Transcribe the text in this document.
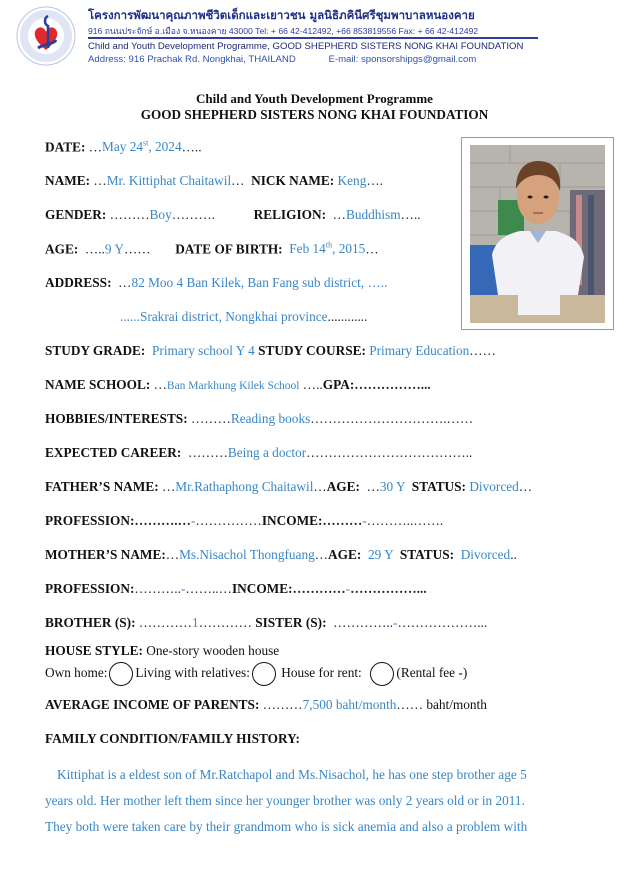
โครงการพัฒนาคุณภาพชีวิตเด็กและเยาวชน มูลนิธิภคินีศรีชุมพาบาลหนองคาย
916 ถนนประจักษ์ อ.เมือง จ.หนองคาย 43000 Tel: + 66 42-412492, +66 853819556 Fax: + 66 42-412492
Child and Youth Development Programme, GOOD SHEPHERD SISTERS NONG KHAI FOUNDATION
Address: 916 Prachak Rd. Nongkhai, THAILAND	E-mail: sponsorshipgs@gmail.com
Child and Youth Development Programme
GOOD SHEPHERD SISTERS NONG KHAI FOUNDATION
DATE: …May 24st, 2024…..
NAME: …Mr. Kittiphat Chaitawil… NICK NAME: Keng….
GENDER: ………Boy……….	RELIGION: …Buddhism…..
AGE: …..9 Y…… DATE OF BIRTH: Feb 14th, 2015…
ADDRESS: …82 Moo 4 Ban Kilek, Ban Fang sub district, …..
......Srakrai district, Nongkhai province............
STUDY GRADE: Primary school Y 4 STUDY COURSE: Primary Education……
NAME SCHOOL: …Ban Markhung Kilek School …..GPA:……………...
HOBBIES/INTERESTS: ………Reading books………………………….……
EXPECTED CAREER: ………Being a doctor………………………………..
FATHER’S NAME: …Mr.Rathaphong Chaitawil…AGE: …30 Y STATUS: Divorced…
PROFESSION:……….…-……………INCOME:………-………..…….
MOTHER’S NAME:…Ms.Nisachol Thongfuang…AGE: 29 Y STATUS: Divorced..
PROFESSION:………..-……..…INCOME:…………-……………...
BROTHER (S): …………1………… SISTER (S): …………..-………………...
HOUSE STYLE: One-story wooden house
Own home: Living with relatives: House for rent:	(Rental fee -)
AVERAGE INCOME OF PARENTS: ………7,500 baht/month…… baht/month
FAMILY CONDITION/FAMILY HISTORY:
Kittiphat is a eldest son of Mr.Ratchapol and Ms.Nisachol, he has one step brother age 5
years old. Her mother left them since her younger brother was only 2 years old or in 2011.
They both were taken care by their grandmom who is sick anemia and also a problem with
